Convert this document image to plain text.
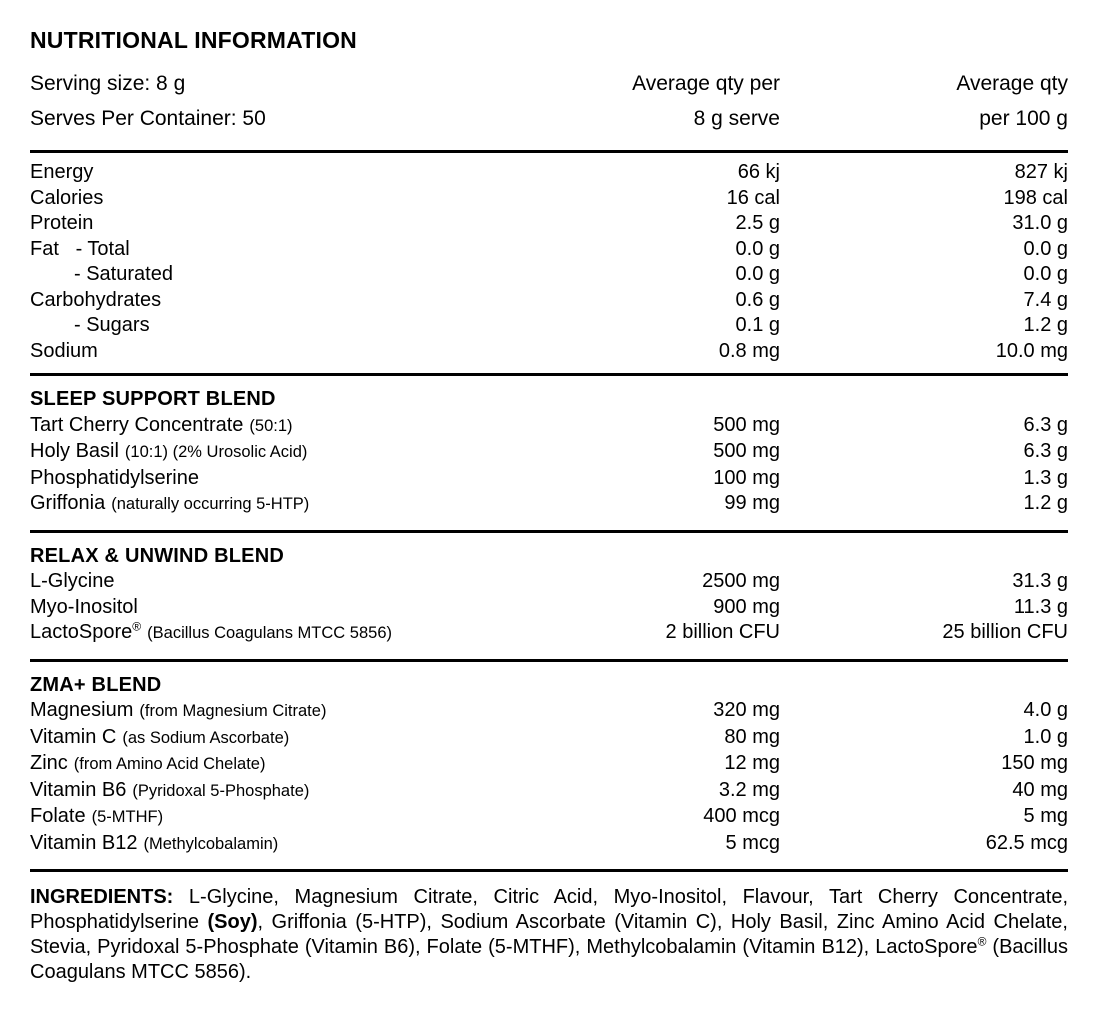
NUTRITIONAL INFORMATION
Serving size: 8 g
Serves Per Container: 50
Average qty per
8 g serve
Average qty
per 100 g
Energy	66 kj	827 kj
Calories	16 cal	198 cal
Protein	2.5 g	31.0 g
Fat   - Total	0.0 g	0.0 g
- Saturated	0.0 g	0.0 g
Carbohydrates	0.6 g	7.4 g
- Sugars	0.1 g	1.2 g
Sodium	0.8 mg	10.0 mg
SLEEP SUPPORT BLEND
Tart Cherry Concentrate (50:1)	500 mg	6.3 g
Holy Basil (10:1) (2% Urosolic Acid)	500 mg	6.3 g
Phosphatidylserine	100 mg	1.3 g
Griffonia (naturally occurring 5-HTP)	99 mg	1.2 g
RELAX & UNWIND BLEND
L-Glycine	2500 mg	31.3 g
Myo-Inositol	900 mg	11.3 g
LactoSpore® (Bacillus Coagulans MTCC 5856)	2 billion CFU	25 billion CFU
ZMA+ BLEND
Magnesium (from Magnesium Citrate)	320 mg	4.0 g
Vitamin C (as Sodium Ascorbate)	80 mg	1.0 g
Zinc (from Amino Acid Chelate)	12 mg	150 mg
Vitamin B6 (Pyridoxal 5-Phosphate)	3.2 mg	40 mg
Folate (5-MTHF)	400 mcg	5 mg
Vitamin B12 (Methylcobalamin)	5 mcg	62.5 mcg

INGREDIENTS: L-Glycine, Magnesium Citrate, Citric Acid, Myo-Inositol, Flavour, Tart Cherry Concentrate, Phosphatidylserine (Soy), Griffonia (5-HTP), Sodium Ascorbate (Vitamin C), Holy Basil, Zinc Amino Acid Chelate, Stevia, Pyridoxal 5-Phosphate (Vitamin B6), Folate (5-MTHF), Methylcobalamin (Vitamin B12), LactoSpore® (Bacillus Coagulans MTCC 5856).
